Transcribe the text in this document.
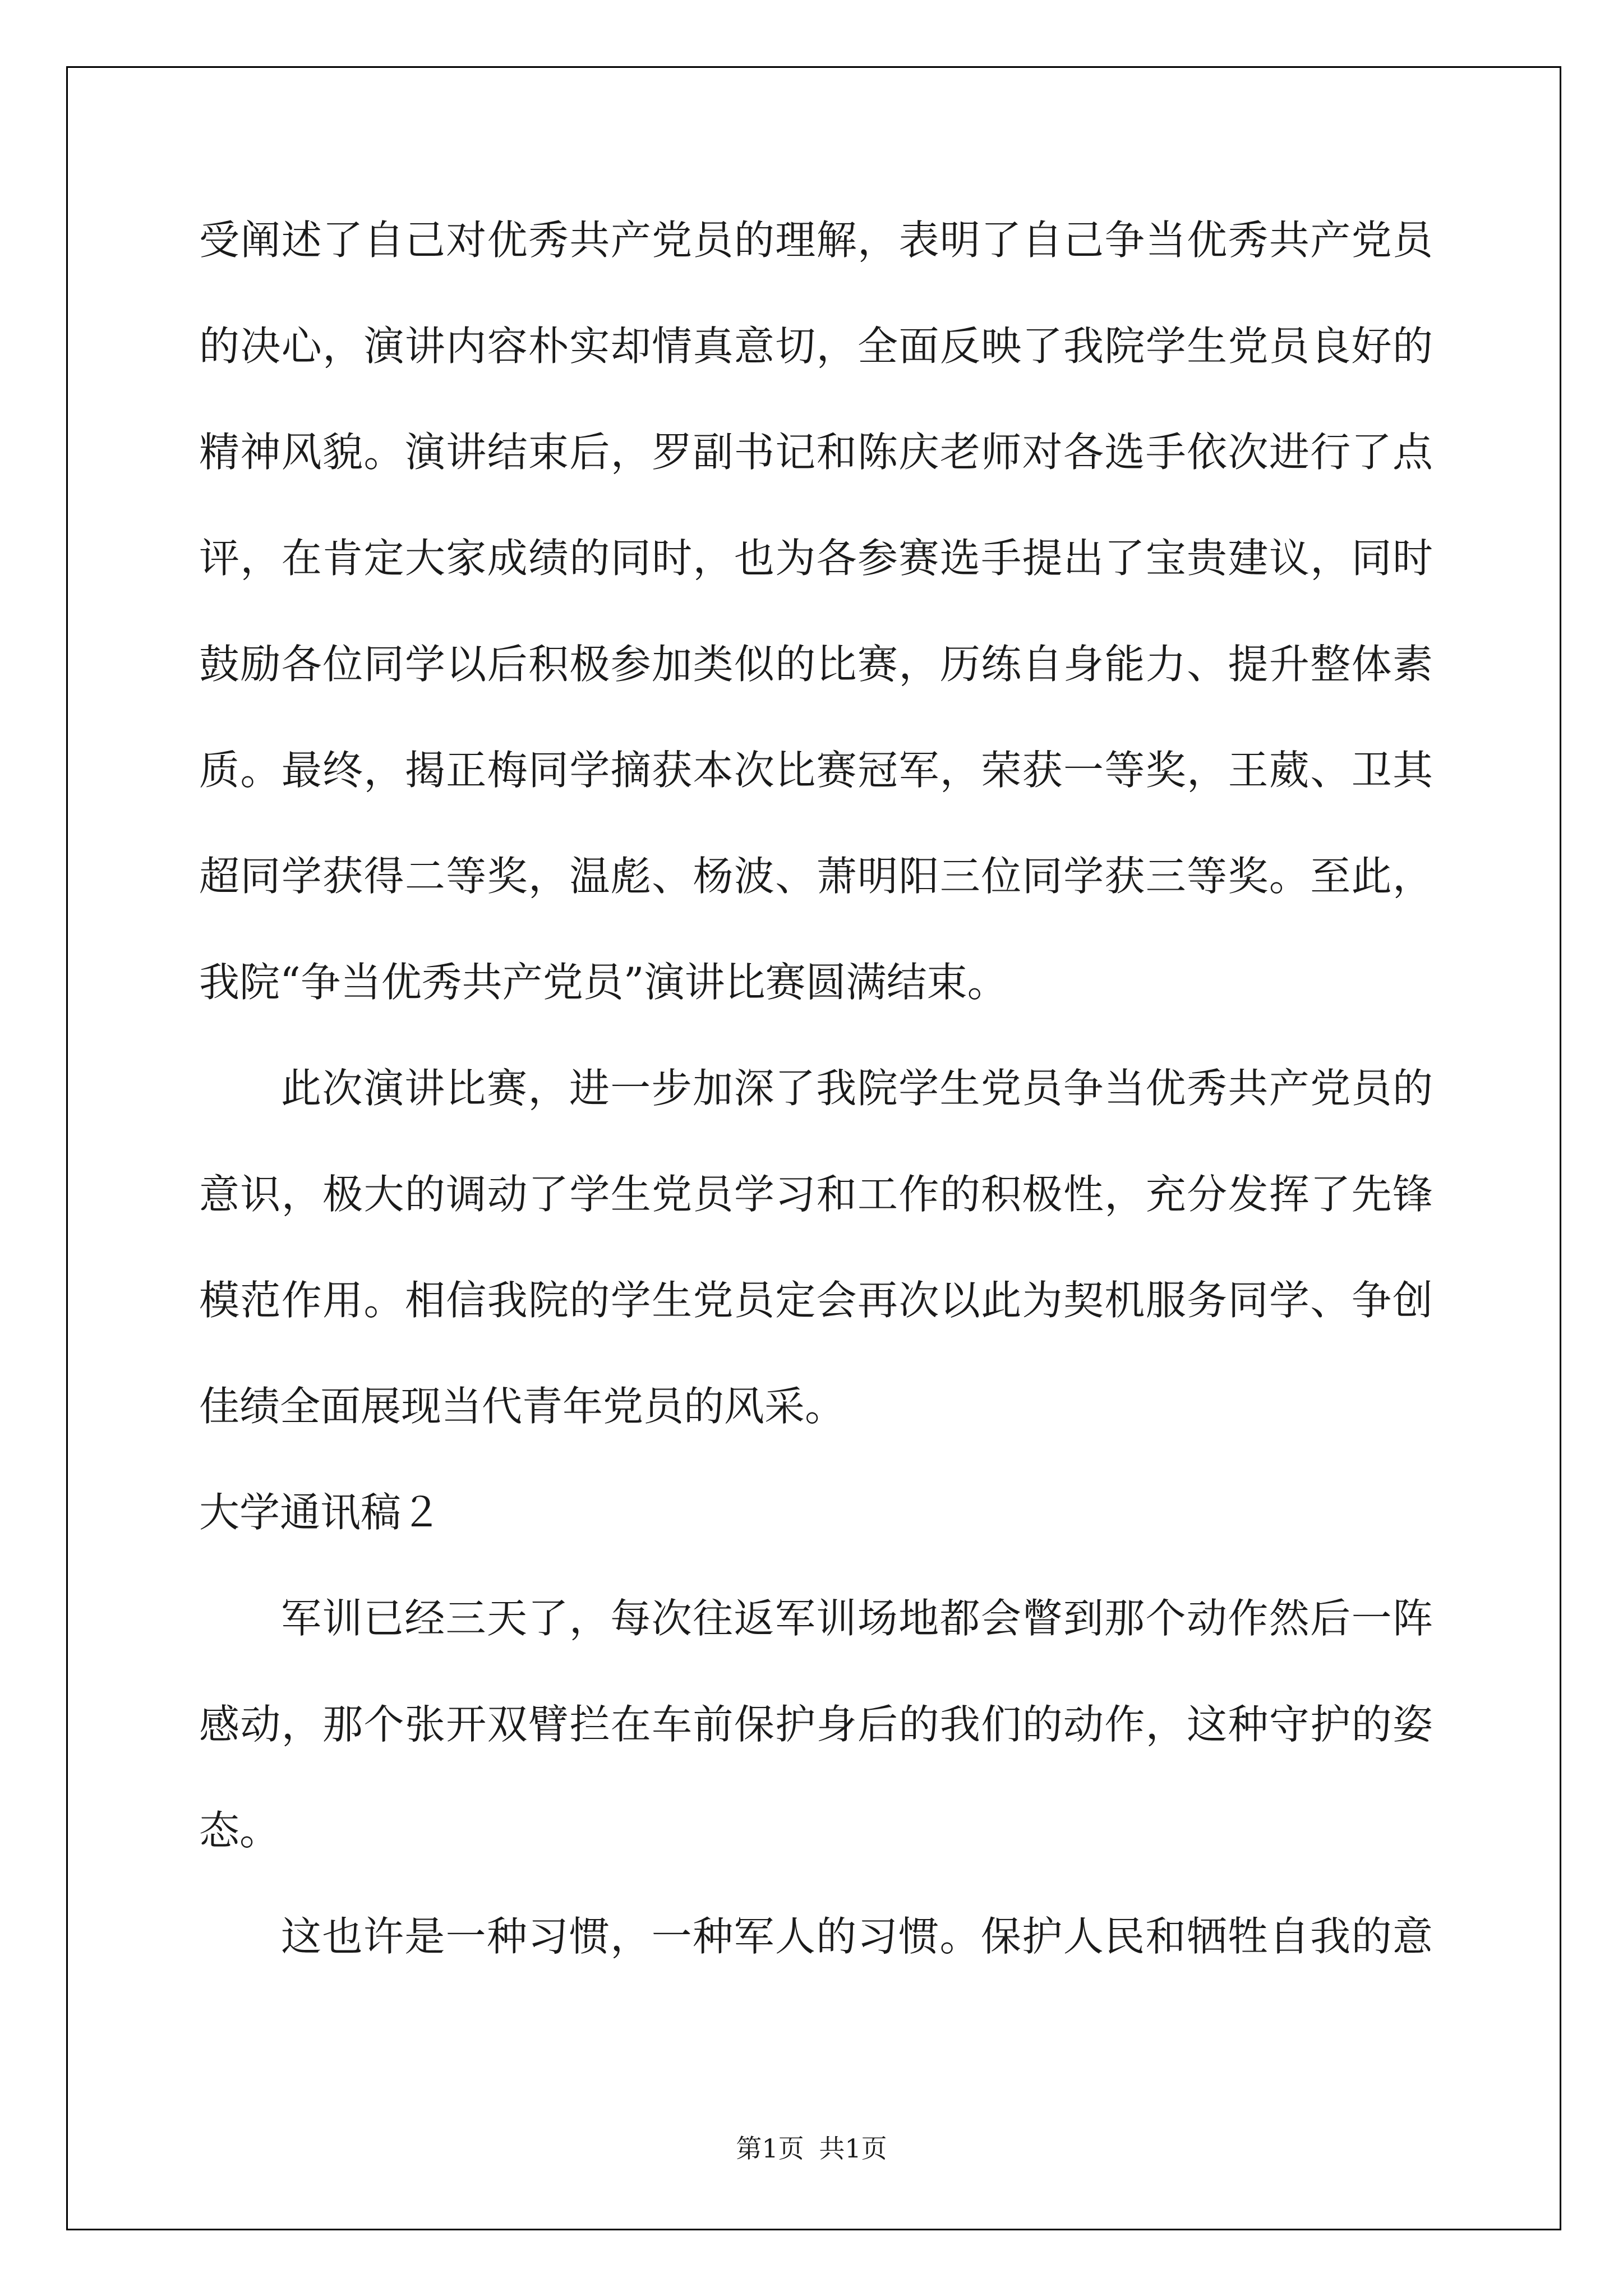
受阐述了自己对优秀共产党员的理解，表明了自己争当优秀共产党员
的决心，演讲内容朴实却情真意切，全面反映了我院学生党员良好的
精神风貌。演讲结束后，罗副书记和陈庆老师对各选手依次进行了点
评，在肯定大家成绩的同时，也为各参赛选手提出了宝贵建议，同时
鼓励各位同学以后积极参加类似的比赛，历练自身能力、提升整体素
质。最终，揭正梅同学摘获本次比赛冠军，荣获一等奖，王葳、卫其
超同学获得二等奖，温彪、杨波、萧明阳三位同学获三等奖。至此，
我院“争当优秀共产党员”演讲比赛圆满结束。
此次演讲比赛，进一步加深了我院学生党员争当优秀共产党员的
意识，极大的调动了学生党员学习和工作的积极性，充分发挥了先锋
模范作用。相信我院的学生党员定会再次以此为契机服务同学、争创
佳绩全面展现当代青年党员的风采。
大学通讯稿２
军训已经三天了，每次往返军训场地都会瞥到那个动作然后一阵
感动，那个张开双臂拦在车前保护身后的我们的动作，这种守护的姿
态。
这也许是一种习惯，一种军人的习惯。保护人民和牺牲自我的意
第1页 共1页
